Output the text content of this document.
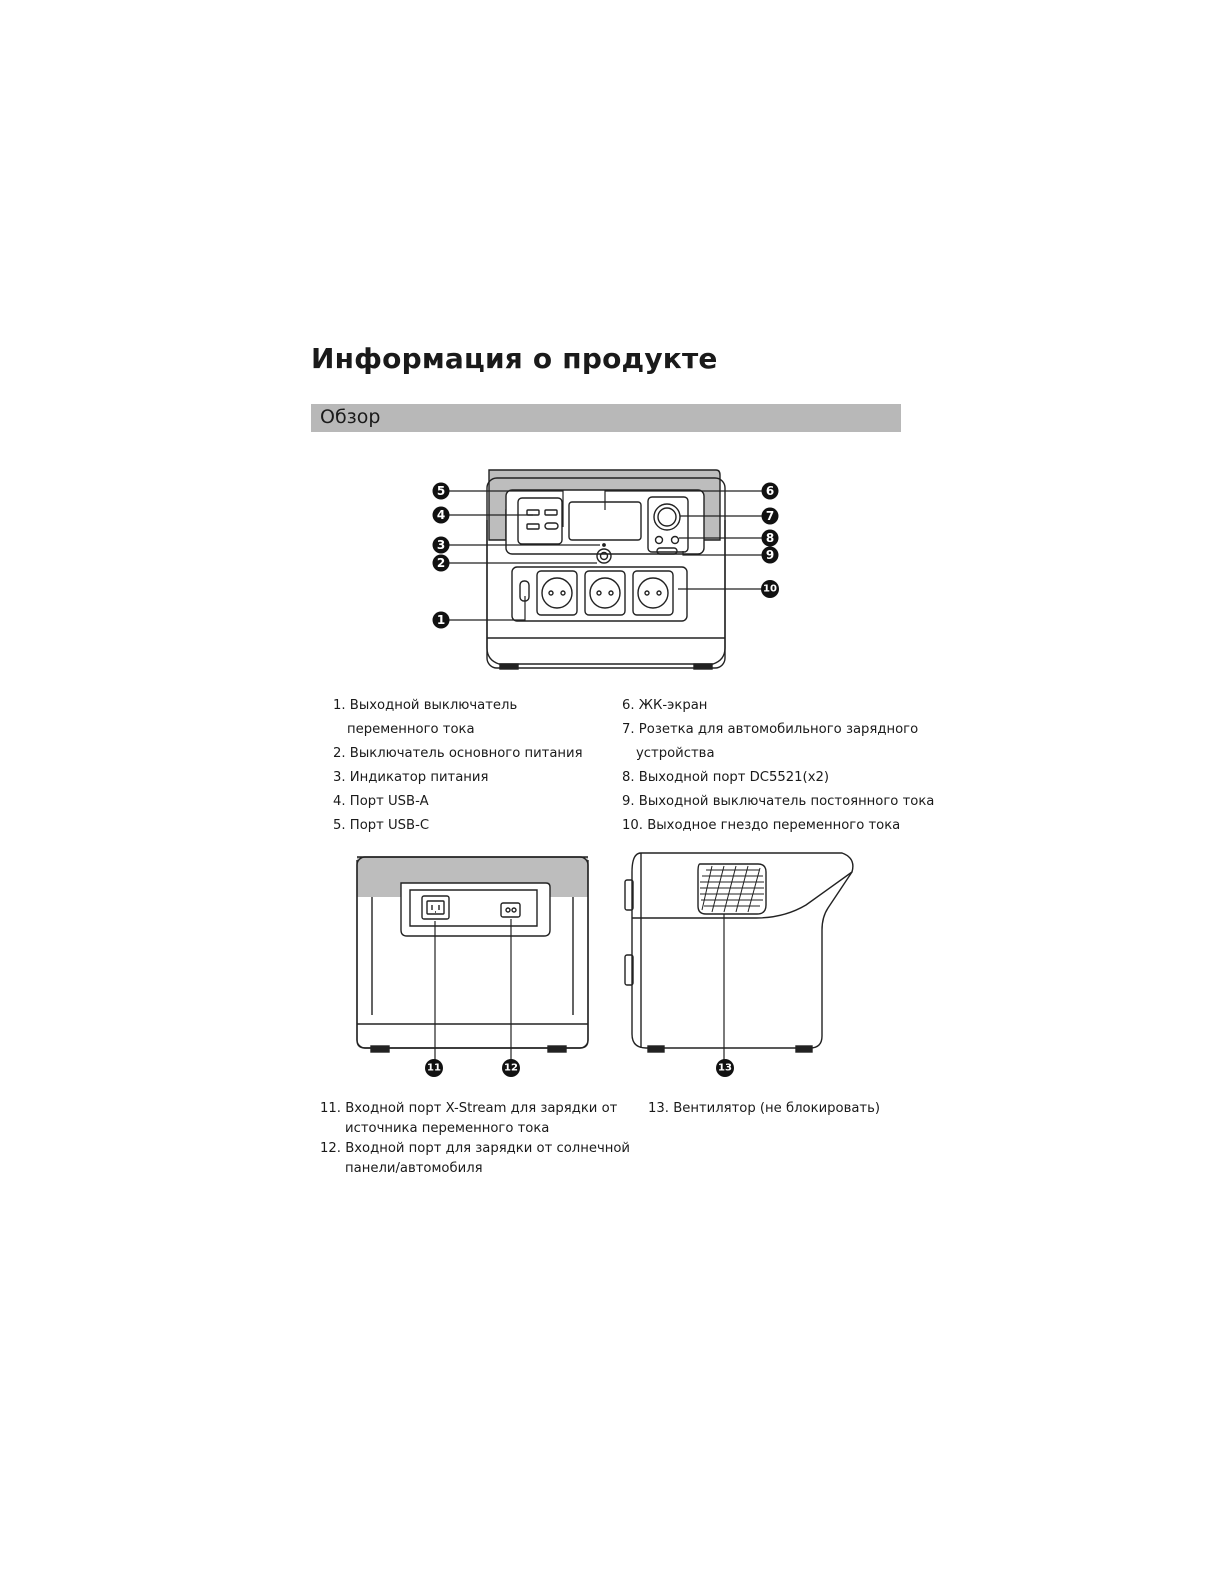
Информация о продукте
Обзор
5
4
3
2
1
6
7
8
9
10
11	12	13
1. Выходной выключатель
переменного тока
2. Выключатель основного питания
3. Индикатор питания
4. Порт USB-A
5. Порт USB-C
6. ЖК-экран
7. Розетка для автомобильного зарядного
устройства
8. Выходной порт DC5521(x2)
9. Выходной выключатель постоянного тока
10. Выходное гнездо переменного тока
11. Входной порт X-Stream для зарядки от
источника переменного тока
12. Входной порт для зарядки от солнечной
панели/автомобиля
13. Вентилятор (не блокировать)
